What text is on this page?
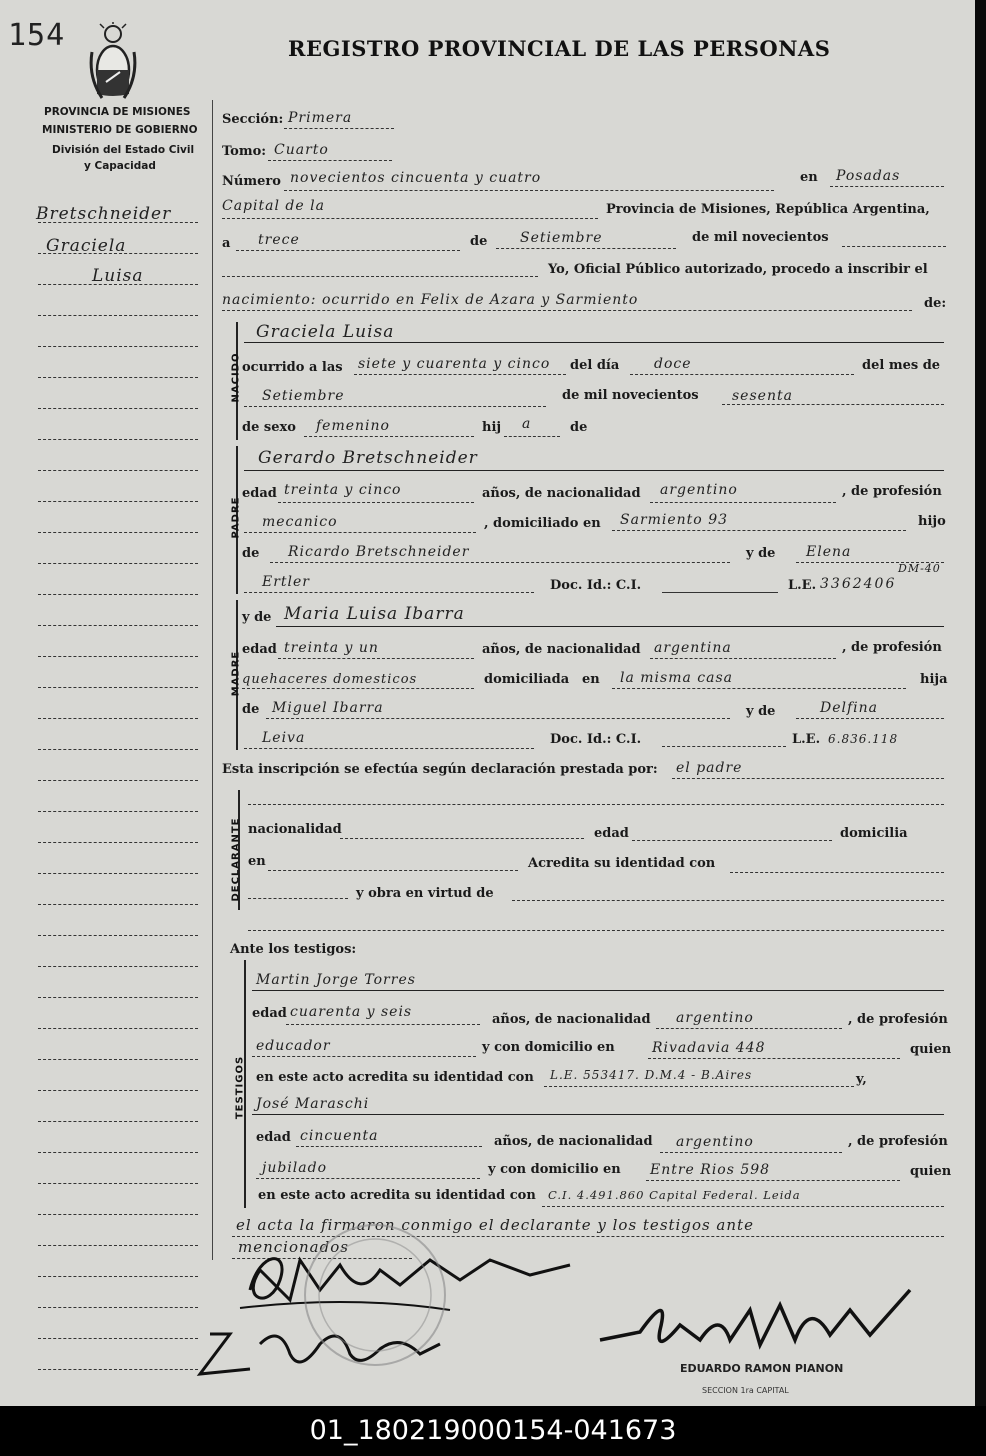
154	REGISTRO PROVINCIAL DE LAS PERSONAS
PROVINCIA DE MISIONES
MINISTERIO DE GOBIERNO
División del Estado Civil
y Capacidad
Bretschneider
Graciela
Luisa
Sección: Primera
Tomo: Cuarto
Número novecientos cincuenta y cuatro	en Posadas
Capital de la	Provincia de Misiones, República Argentina,
a trece	de Setiembre	de mil novecientos
Yo, Oficial Público autorizado, procedo a inscribir el
nacimiento: ocurrido en Felix de Azara y Sarmiento	de:
NACIDO
Graciela Luisa
ocurrido a las siete y cuarenta y cinco del día doce	del mes de
Setiembre	de mil novecientos sesenta
de sexo femenino	hij a	de
PADRE
Gerardo Bretschneider
edad treinta y cinco	años, de nacionalidad argentino	, de profesión
mecanico	, domiciliado en Sarmiento 93	hijo
de Ricardo Bretschneider	y de Elena
Ertler	Doc. Id.: C.I.	L.E. 3362406
DM-40
MADRE
y de Maria Luisa Ibarra
edad treinta y un	años, de nacionalidad argentina	, de profesión
quehaceres domesticos	domiciliada en la misma casa	hija
de Miguel Ibarra	y de	Delfina
Leiva	Doc. Id.: C.I.	L.E. 6.836.118
Esta inscripción se efectúa según declaración prestada por: el padre
DECLARANTE nacionalidad	edad	domicilia
en	Acredita su identidad con
y obra en virtud de
Ante los testigos:
TESTIGOS
Martin Jorge Torres
edad cuarenta y seis	años, de nacionalidad argentino	, de profesión
educador	y con domicilio en	Rivadavia 448	quien
en este acto acredita su identidad con L.E. 553417. D.M.4 - B.Aires	y,
José Maraschi
edad cincuenta	años, de nacionalidad argentino	, de profesión
jubilado	y con domicilio en Entre Rios 598	quien
en este acto acredita su identidad con C.I. 4.491.860 Capital Federal. Leida
el acta la firmaron conmigo el declarante y los testigos ante
mencionados
EDUARDO RAMON PIANON
SECCION 1ra CAPITAL
01_180219000154-041673
